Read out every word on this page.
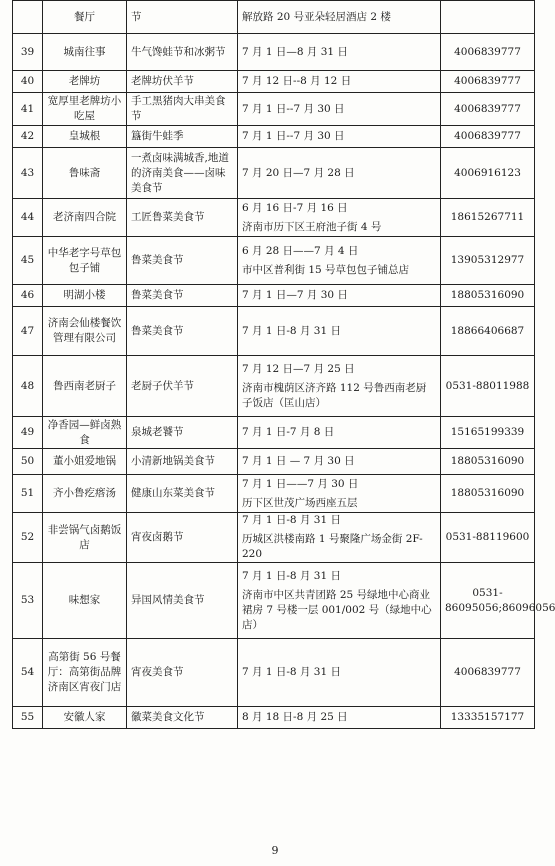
	餐厅	节	解放路 20 号亚朵轻居酒店 2 楼	
39	城南往事	牛气馋蛙节和冰粥节	7 月 1 日—8 月 31 日	4006839777
40	老牌坊	老牌坊伏羊节	7 月 12 日--8 月 12 日	4006839777
41	宽厚里老牌坊小吃屋	手工黑猪肉大串美食节	7 月 1 日--7 月 30 日	4006839777
42	皇城根	簋街牛蛙季	7 月 1 日--7 月 30 日	4006839777
43	鲁味斋	一煮卤味满城香,地道的济南美食——卤味美食节	7 月 20 日—7 月 28 日	4006916123
44	老济南四合院	工匠鲁菜美食节	6 月 16 日-7 月 16 日
济南市历下区王府池子街 4 号	18615267711
45	中华老字号草包包子铺	鲁菜美食节	6 月 28 日——7 月 4 日
市中区普利街 15 号草包包子铺总店	13905312977
46	明湖小楼	鲁菜美食节	7 月 1 日—7 月 30 日	18805316090
47	济南会仙楼餐饮管理有限公司	鲁菜美食节	7 月 1 日-8 月 31 日	18866406687
48	鲁西南老厨子	老厨子伏羊节	7 月 12 日—7 月 25 日
济南市槐荫区济齐路 112 号鲁西南老厨子饭店（匡山店）	0531-88011988
49	净香园—鲜卤熟食	泉城老饕节	7 月 1 日-7 月 8 日	15165199339
50	董小姐爱地锅	小清新地锅美食节	7 月 1 日 — 7 月 30 日	18805316090
51	齐小鲁疙瘩汤	健康山东菜美食节	7 月 1 日——7 月 30 日
历下区世茂广场西座五层	18805316090
52	非尝锅气卤鹅饭店	宵夜卤鹅节	7 月 1 日-8 月 31 日
历城区洪楼南路 1 号聚隆广场金街 2F-220	0531-88119600
53	味想家	异国风情美食节	7 月 1 日-8 月 31 日
济南市中区共青团路 25 号绿地中心商业裙房 7 号楼一层 001/002 号（绿地中心店）	0531-86095056;86096056
54	高第街 56 号餐厅：高第街品牌济南区宵夜门店	宵夜美食节	7 月 1 日-8 月 31 日	4006839777
55	安徽人家	徽菜美食文化节	8 月 18 日-8 月 25 日	13335157177
9
